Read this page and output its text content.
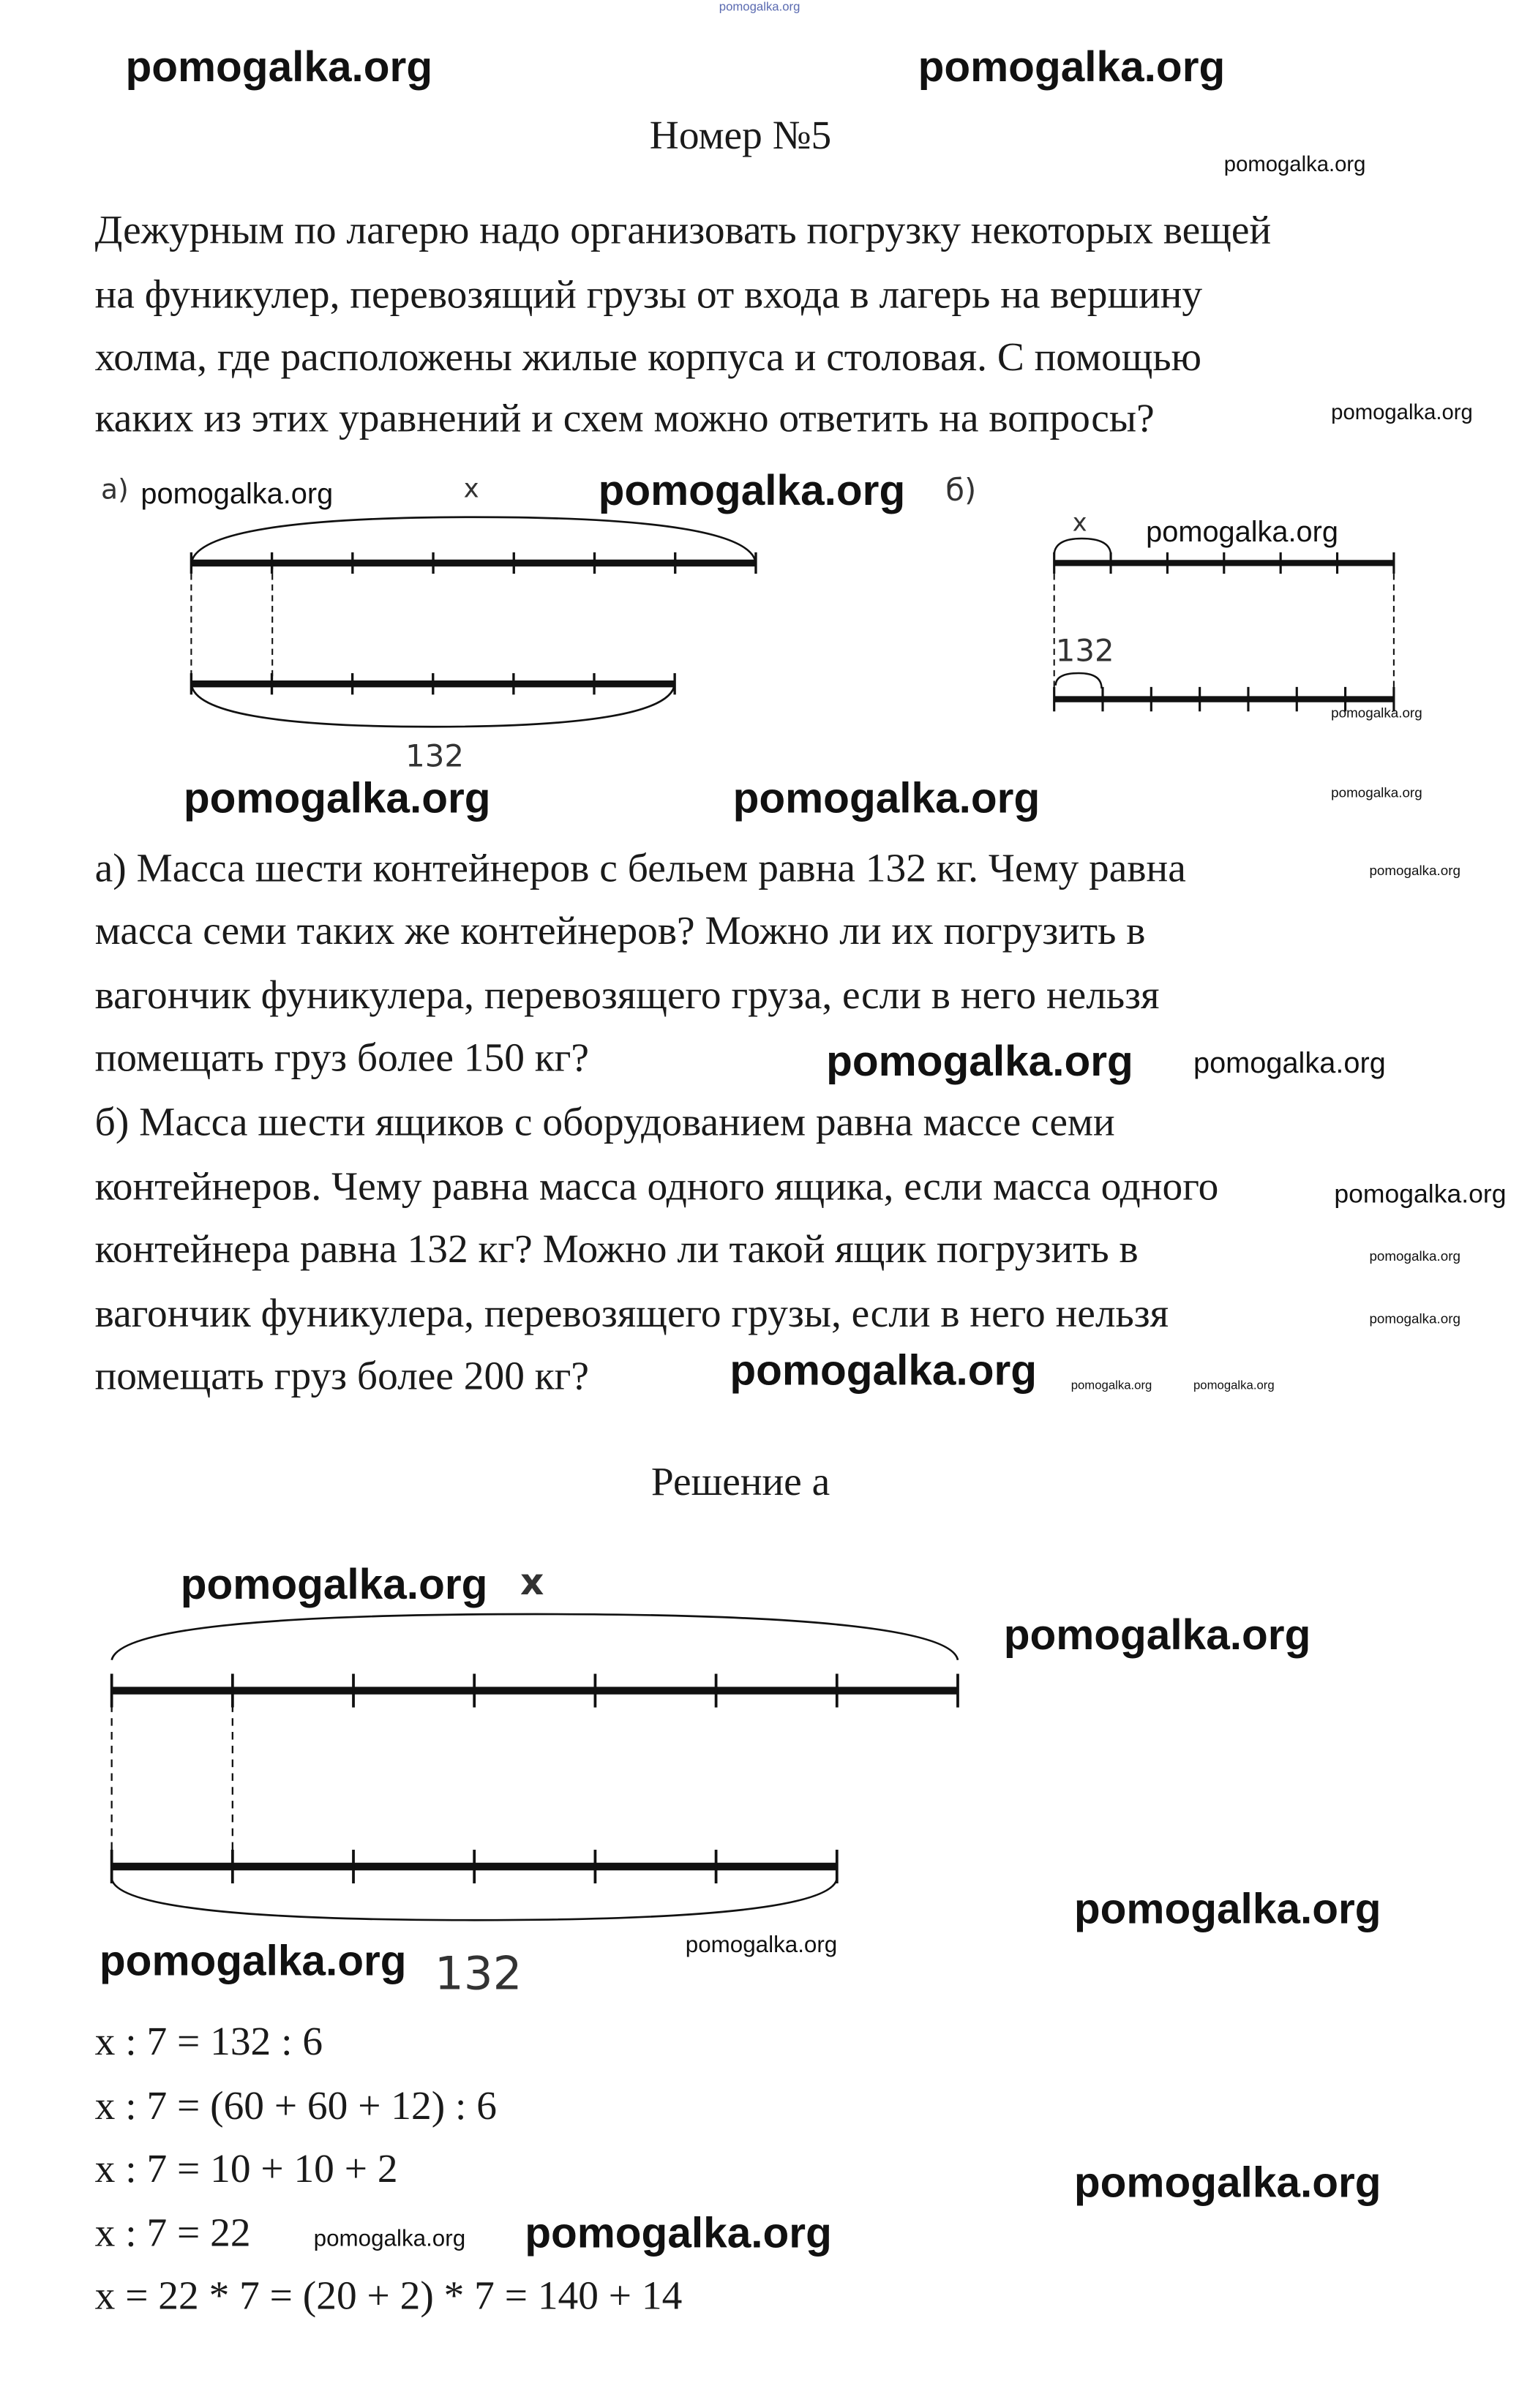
Номер №5
Дежурным по лагерю надо организовать погрузку некоторых вещей
на фуникулер, перевозящий грузы от входа в лагерь на вершину
холма, где расположены жилые корпуса и столовая. С помощью
каких из этих уравнений и схем можно ответить на вопросы?
а)	x
132
б)
x
132
x
132
а) Масса шести контейнеров с бельем равна 132 кг. Чему равна
масса семи таких же контейнеров? Можно ли их погрузить в
вагончик фуникулера, перевозящего груза, если в него нельзя
помещать груз более 150 кг?
б) Масса шести ящиков с оборудованием равна массе семи
контейнеров. Чему равна масса одного ящика, если масса одного
контейнера равна 132 кг? Можно ли такой ящик погрузить в
вагончик фуникулера, перевозящего грузы, если в него нельзя
помещать груз более 200 кг?
Решение а
x : 7 = 132 : 6
x : 7 = (60 + 60 + 12) : 6
x : 7 = 10 + 10 + 2
x : 7 = 22
x = 22 * 7 = (20 + 2) * 7 = 140 + 14
pomogalka.org	pomogalka.org
pomogalka.org
pomogalka.org	pomogalka.org
pomogalka.org
pomogalka.org
pomogalka.org
pomogalka.org
pomogalka.org
pomogalka.org
pomogalka.org
pomogalka.org
pomogalka.org
pomogalka.org
pomogalka.org
pomogalka.org
pomogalka.org
pomogalka.org
pomogalka.org
pomogalka.org
pomogalka.org
pomogalka.org
pomogalka.org
pomogalka.org
pomogalka.org
pomogalka.org	pomogalka.org
pomogalka.org
